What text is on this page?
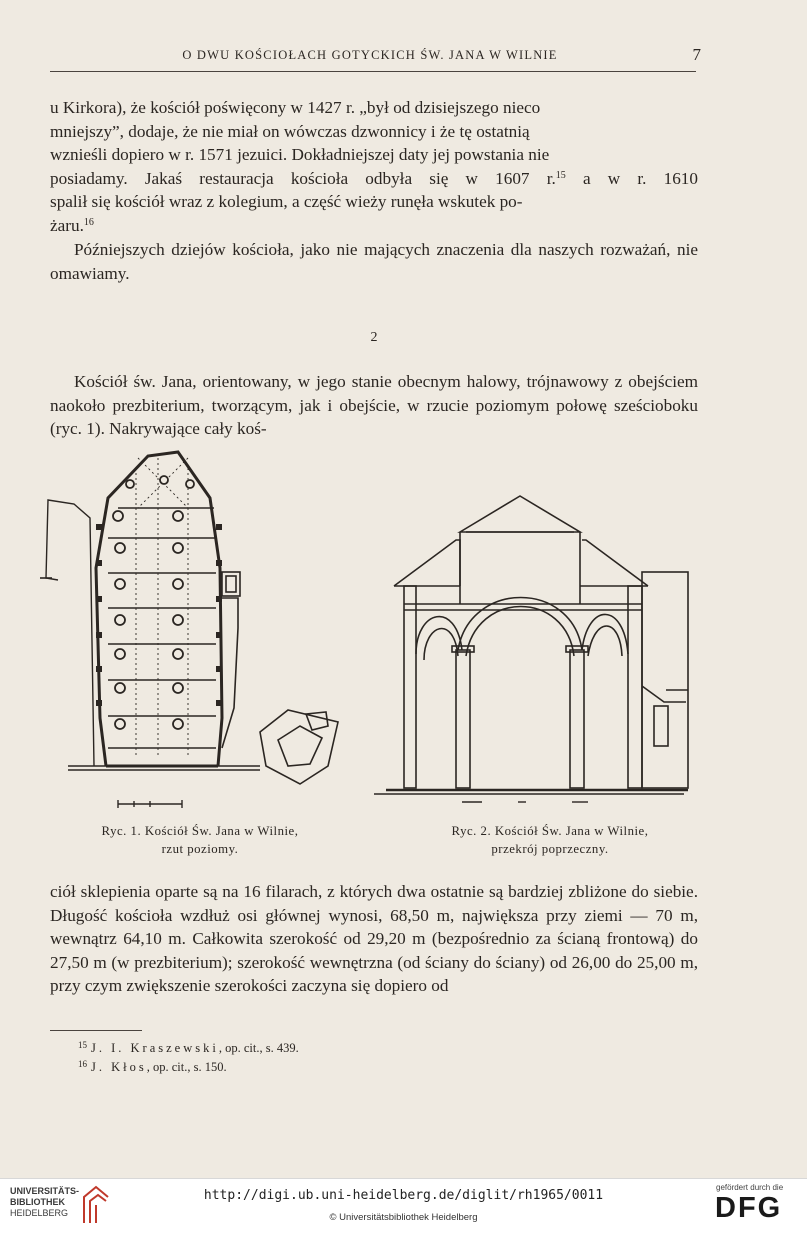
O DWU KOŚCIOŁACH GOTYCKICH ŚW. JANA W WILNIE	7
u Kirkora), że kościół poświęcony w 1427 r. „był od dzisiejszego nieco
mniejszy”, dodaje, że nie miał on wówczas dzwonnicy i że tę ostatnią
wznieśli dopiero w r. 1571 jezuici. Dokładniejszej daty jej powstania nie
posiadamy. Jakaś restauracja kościoła odbyła się w 1607 r.$^{15}$ a w r. 1610
spalił się kościół wraz z kolegium, a część wieży runęła wskutek po-
żaru.$^{16}$

Późniejszych dziejów kościoła, jako nie mających znaczenia dla naszych rozważań, nie omawiamy.

2

Kościół św. Jana, orientowany, w jego stanie obecnym halowy, trójnawowy z obejściem naokoło prezbiterium, tworzącym, jak i obejście, w rzucie poziomym połowę sześcioboku (ryc. 1). Nakrywające cały koś-

Ryc. 1. Kościół Św. Jana w Wilnie,
rzut poziomy.
Ryc. 2. Kościół Św. Jana w Wilnie,
przekrój poprzeczny.

ciół sklepienia oparte są na 16 filarach, z których dwa ostatnie są bardziej zbliżone do siebie. Długość kościoła wzdłuż osi głównej wynosi, 68,50 m, największa przy ziemi — 70 m, wewnątrz 64,10 m. Całkowita szerokość od 29,20 m (bezpośrednio za ścianą frontową) do 27,50 m (w prezbiterium); szerokość wewnętrzna (od ściany do ściany) od 26,00 do 25,00 m, przy czym zwiększenie szerokości zaczyna się dopiero od

$^{15}$ J. I. Kraszewski, op. cit., s. 439.
$^{16}$ J. Kłos, op. cit., s. 150.
UNIVERSITÄTS-
BIBLIOTHEK
HEIDELBERG
http://digi.ub.uni-heidelberg.de/diglit/rh1965/0011
© Universitätsbibliothek Heidelberg
gefördert durch die
DFG
